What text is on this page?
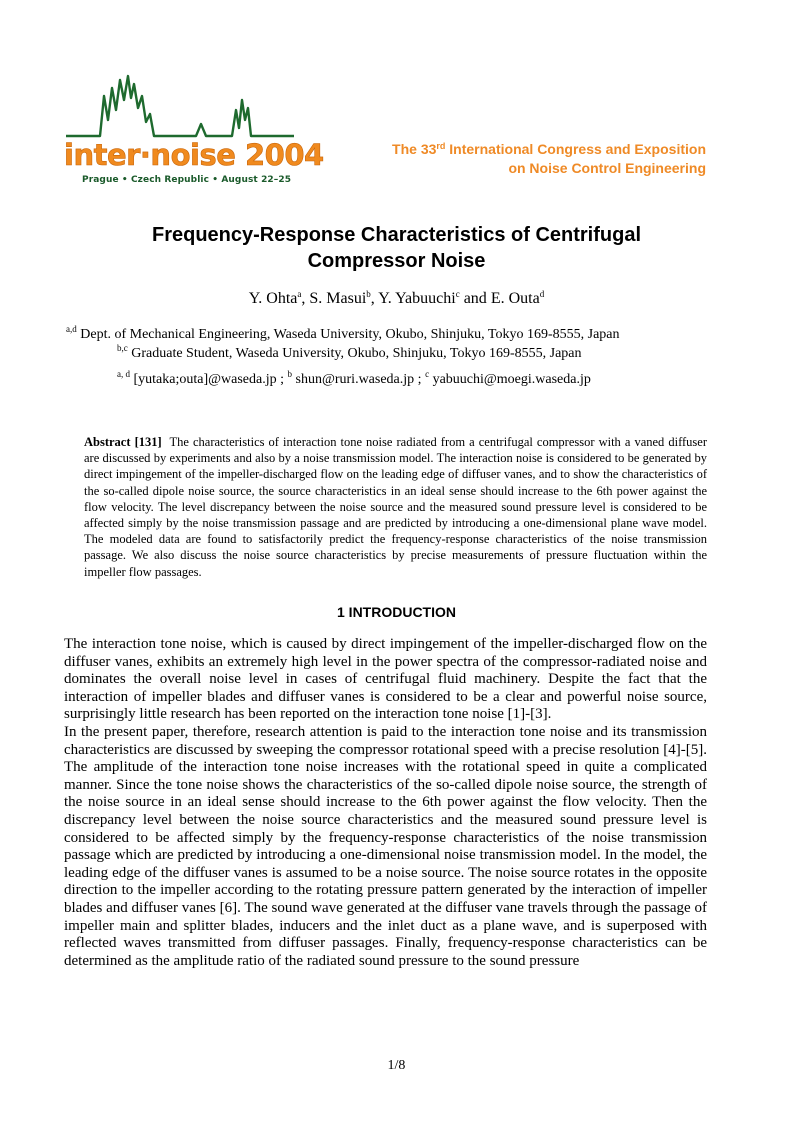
inter·noise 2004
Prague • Czech Republic • August 22–25
The 33rd International Congress and Exposition
on Noise Control Engineering
Frequency-Response Characteristics of Centrifugal
Compressor Noise
Y. Ohta$^a$, S. Masui$^b$, Y. Yabuuchi$^c$ and E. Outa$^d$
$^{a,d}$ Dept. of Mechanical Engineering, Waseda University, Okubo, Shinjuku, Tokyo 169-8555, Japan
$^{b,c}$ Graduate Student, Waseda University, Okubo, Shinjuku, Tokyo 169-8555, Japan
$^{a, d}$ [yutaka;outa]@waseda.jp ; $^b$ shun@ruri.waseda.jp ; $^c$ yabuuchi@moegi.waseda.jp
Abstract [131] The characteristics of interaction tone noise radiated from a centrifugal compressor with a vaned diffuser are discussed by experiments and also by a noise transmission model. The interaction noise is considered to be generated by direct impingement of the impeller-discharged flow on the leading edge of diffuser vanes, and to show the characteristics of the so-called dipole noise source, the source characteristics in an ideal sense should increase to the 6th power against the flow velocity. The level discrepancy between the noise source and the measured sound pressure level is considered to be affected simply by the noise transmission passage and are predicted by introducing a one-dimensional plane wave model. The modeled data are found to satisfactorily predict the frequency-response characteristics of the noise transmission passage. We also discuss the noise source characteristics by precise measurements of pressure fluctuation within the impeller flow passages.
1 INTRODUCTION

The interaction tone noise, which is caused by direct impingement of the impeller-discharged flow on the diffuser vanes, exhibits an extremely high level in the power spectra of the compressor-radiated noise and dominates the overall noise level in cases of centrifugal fluid machinery. Despite the fact that the interaction of impeller blades and diffuser vanes is considered to be a clear and powerful noise source, surprisingly little research has been reported on the interaction tone noise [1]-[3].

In the present paper, therefore, research attention is paid to the interaction tone noise and its transmission characteristics are discussed by sweeping the compressor rotational speed with a precise resolution [4]-[5]. The amplitude of the interaction tone noise increases with the rotational speed in quite a complicated manner. Since the tone noise shows the characteristics of the so-called dipole noise source, the strength of the noise source in an ideal sense should increase to the 6th power against the flow velocity. Then the discrepancy level between the noise source characteristics and the measured sound pressure level is considered to be affected simply by the frequency-response characteristics of the noise transmission passage which are predicted by introducing a one-dimensional noise transmission model. In the model, the leading edge of the diffuser vanes is assumed to be a noise source. The noise source rotates in the opposite direction to the impeller according to the rotating pressure pattern generated by the interaction of impeller blades and diffuser vanes [6]. The sound wave generated at the diffuser vane travels through the passage of impeller main and splitter blades, inducers and the inlet duct as a plane wave, and is superposed with reflected waves transmitted from diffuser passages. Finally, frequency-response characteristics can be determined as the amplitude ratio of the radiated sound pressure to the sound pressure

1/8
